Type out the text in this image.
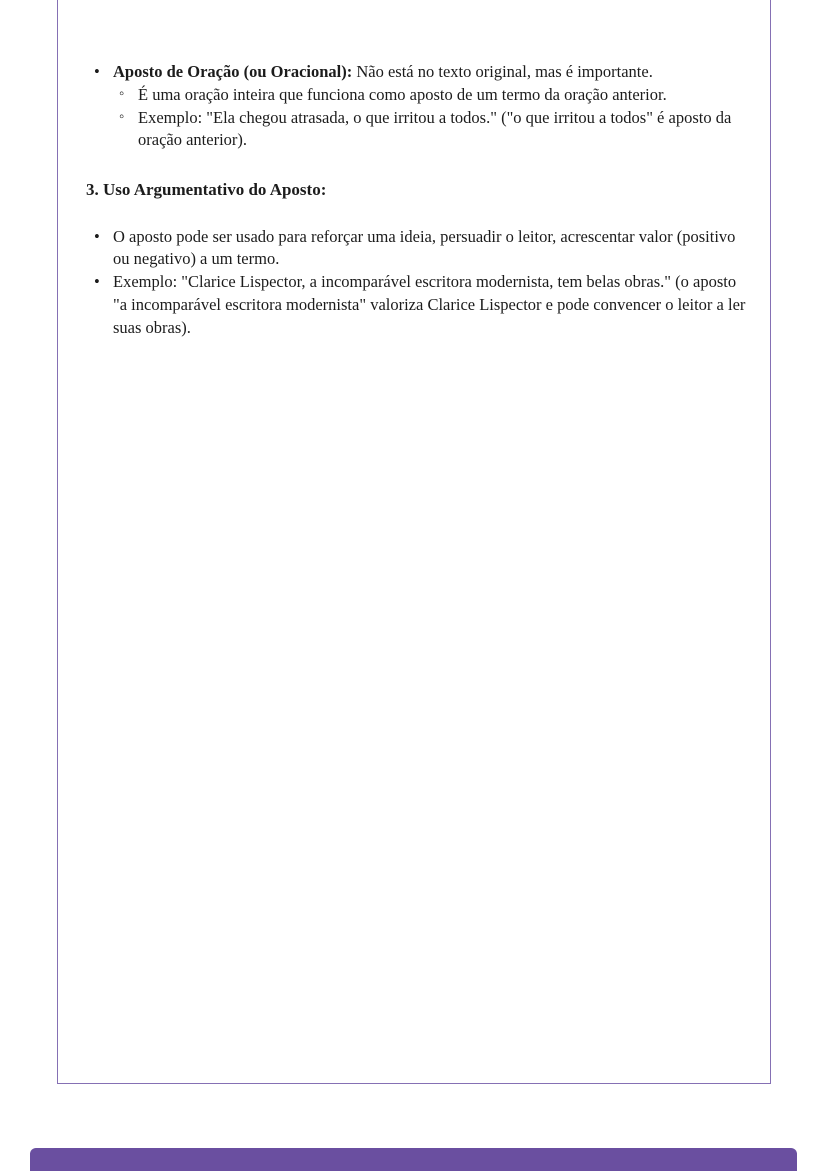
• Aposto de Oração (ou Oracional): Não está no texto original, mas é importante.
◦ É uma oração inteira que funciona como aposto de um termo da oração anterior.
◦ Exemplo: "Ela chegou atrasada, o que irritou a todos." ("o que irritou a todos" é aposto da oração anterior).
3. Uso Argumentativo do Aposto:
• O aposto pode ser usado para reforçar uma ideia, persuadir o leitor, acrescentar valor (positivo ou negativo) a um termo.
• Exemplo: "Clarice Lispector, a incomparável escritora modernista, tem belas obras." (o aposto "a incomparável escritora modernista" valoriza Clarice Lispector e pode convencer o leitor a ler suas obras).
